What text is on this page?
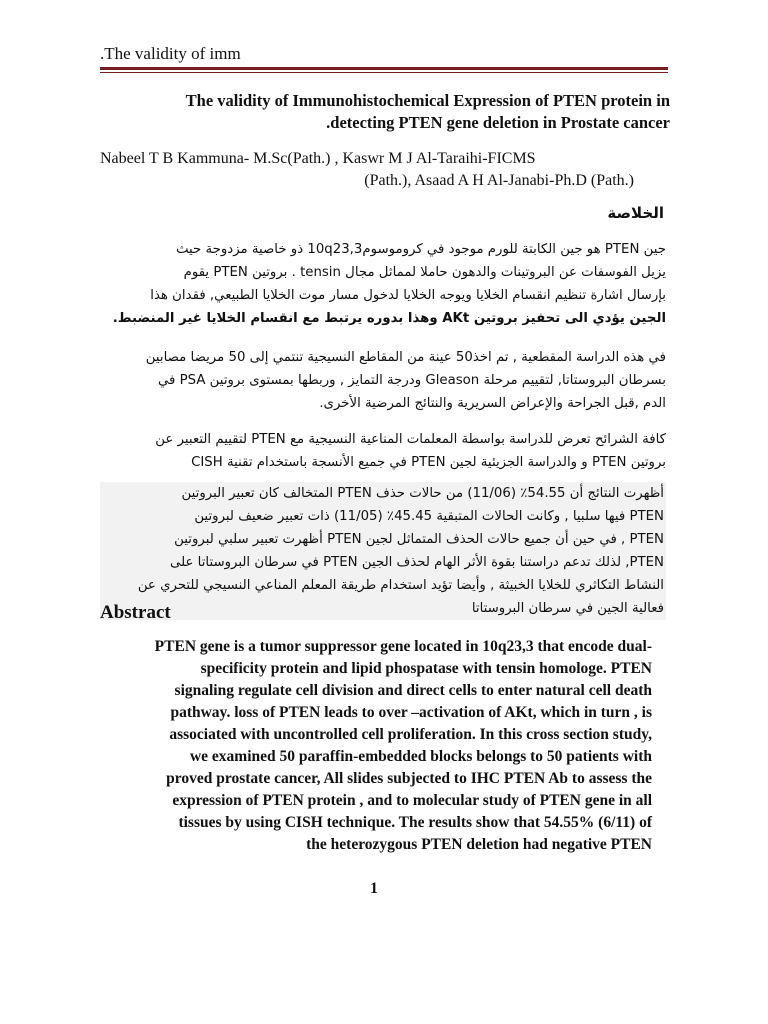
.The validity of imm
The validity of Immunohistochemical Expression of PTEN protein in
.detecting PTEN gene deletion in Prostate cancer
Nabeel T B Kammuna- M.Sc(Path.) , Kaswr M J Al-Taraihi-FICMS
(Path.), Asaad A H Al-Janabi-Ph.D (Path.)
الخلاصة
جين PTEN هو جين الكابتة للورم موجود في كروموسوم10q23,3 ذو خاصية مزدوجة حيث
يزيل الفوسفات عن البروتينات والدهون حاملا لمماثل مجال tensin . بروتين PTEN يقوم
بإرسال اشارة تنظيم انقسام الخلايا ويوجه الخلايا لدخول مسار موت الخلايا الطبيعي, فقدان هذا
الجين يؤدي الى تحفيز بروتين AKt وهذا بدوره يرتبط مع انقسام الخلايا غير المنضبط.
في هذه الدراسة المقطعية , تم اخذ50 عينة من المقاطع النسيجية تنتمي إلى 50 مريضا مصابين
بسرطان البروستاتا, لتقييم مرحلة Gleason ودرجة التمايز , وربطها بمستوى بروتين PSA في
الدم ,قبل الجراحة والإعراض السريرية والنتائج المرضية الأخرى.
كافة الشرائح تعرض للدراسة بواسطة المعلمات المناعية النسيجية مع PTEN لتقييم التعبير عن
بروتين PTEN و والدراسة الجزيئية لجين PTEN في جميع الأنسجة باستخدام تقنية CISH
أظهرت النتائج أن 54.55٪ (11/06) من حالات حذف PTEN المتخالف كان تعبير البروتين
PTEN فيها سلبيا , وكانت الحالات المتبقية 45.45٪ (11/05) ذات تعبير ضعيف لبروتين
PTEN , في حين أن جميع حالات الحذف المتماثل لجين PTEN أظهرت تعبير سلبي لبروتين
PTEN, لذلك تدعم دراستنا بقوة الأثر الهام لحذف الجين PTEN في سرطان البروستاتا على
النشاط التكاثري للخلايا الخبيثة , وأيضا تؤيد استخدام طريقة المعلم المناعي النسيجي للتحري عن
فعالية الجين في سرطان البروستاتا
Abstract
PTEN gene is a tumor suppressor gene located in 10q23,3 that encode dual-
specificity protein and lipid phospatase with tensin homologe. PTEN
signaling regulate cell division and direct cells to enter natural cell death
pathway. loss of PTEN leads to over –activation of AKt, which in turn , is
associated with uncontrolled cell proliferation. In this cross section study,
we examined 50 paraffin-embedded blocks belongs to 50 patients with
proved prostate cancer, All slides subjected to IHC PTEN Ab to assess the
expression of PTEN protein , and to molecular study of PTEN gene in all
tissues by using CISH technique. The results show that 54.55% (6/11) of
the heterozygous PTEN deletion had negative PTEN
1
